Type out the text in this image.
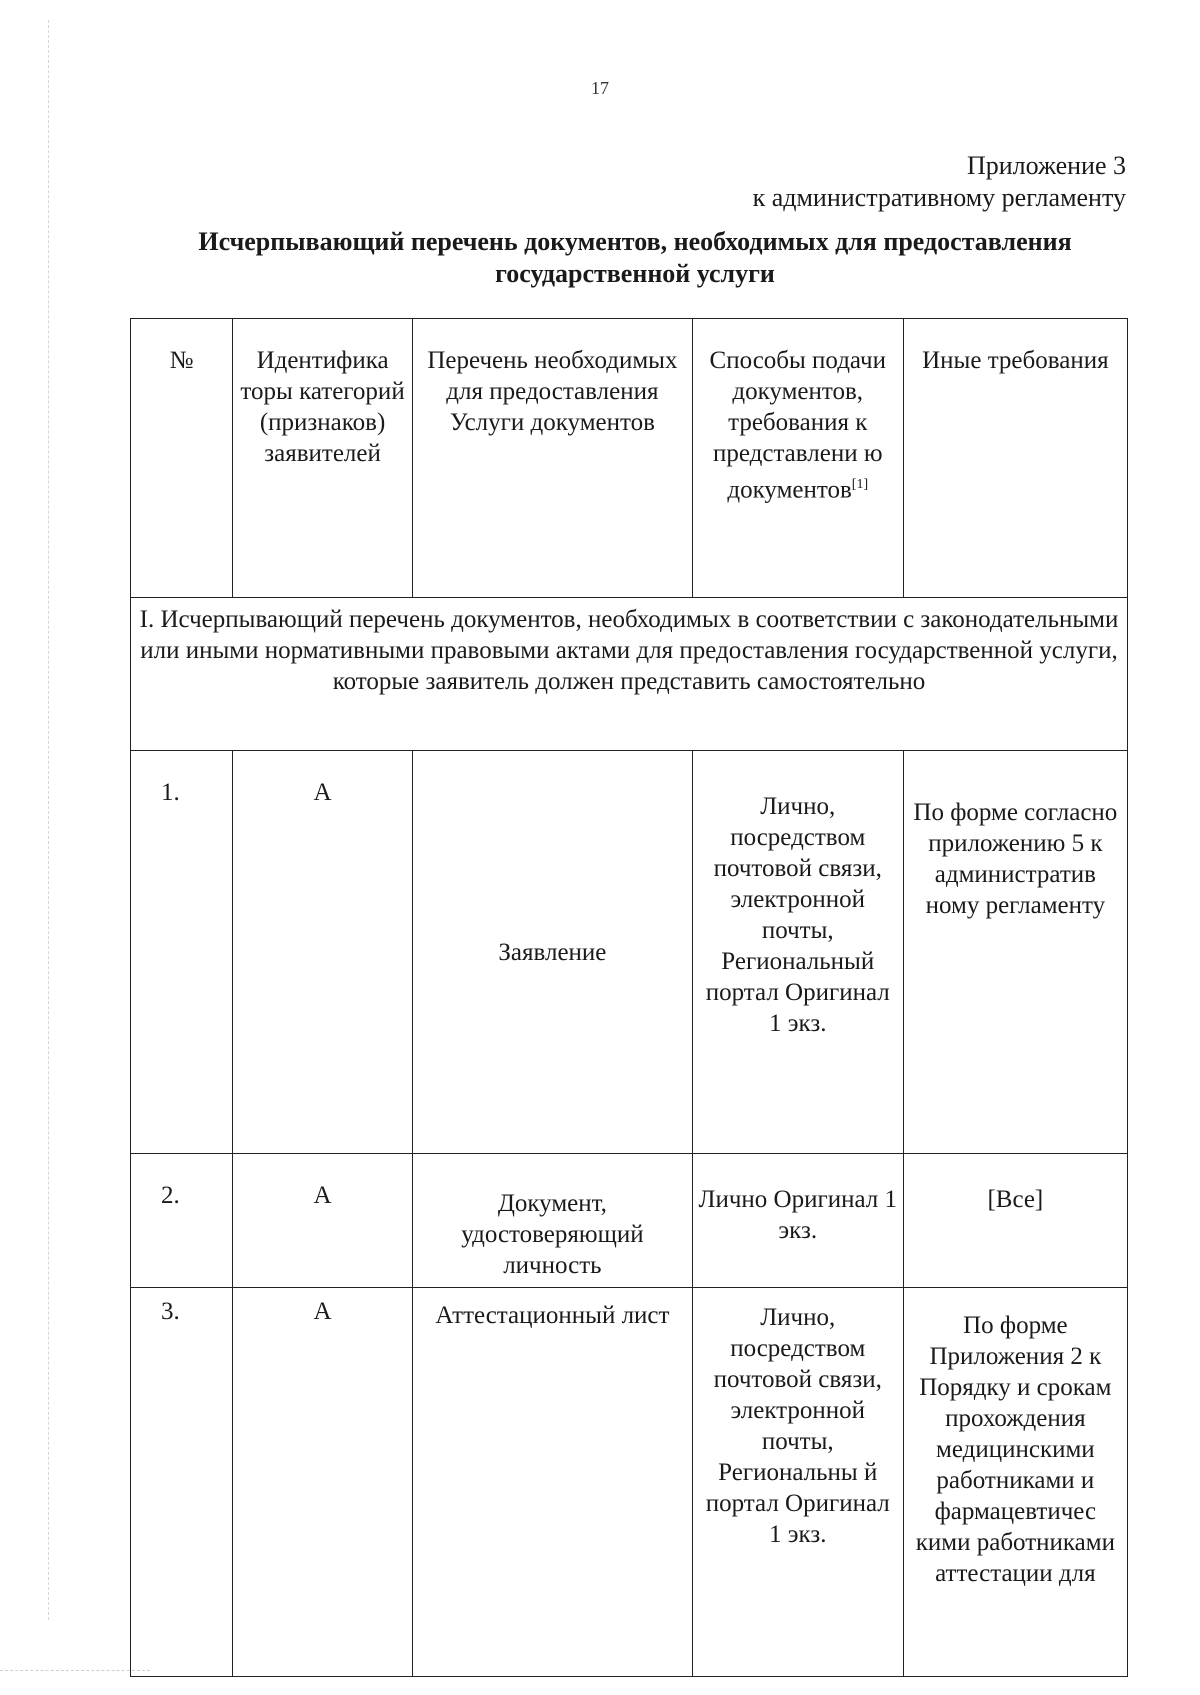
17
Приложение 3
к административному регламенту
Исчерпывающий перечень документов, необходимых для предоставления
государственной услуги
№	Идентифика торы категорий (признаков) заявителей	Перечень необходимых для предоставления Услуги документов	Способы подачи документов, требования к представлени ю документов[1]	Иные требования
I. Исчерпывающий перечень документов, необходимых в соответствии с законодательными или иными нормативными правовыми актами для предоставления государственной услуги, которые заявитель должен представить самостоятельно				
1.	А	Заявление	Лично, посредством почтовой связи, электронной почты, Региональный портал Оригинал 1 экз.	По форме согласно приложению 5 к административ ному регламенту
2.	А	Документ, удостоверяющий личность	Лично Оригинал 1 экз.	[Все]
3.	А	Аттестационный лист	Лично, посредством почтовой связи, электронной почты, Региональны й портал Оригинал 1 экз.	По форме Приложения 2 к Порядку и срокам прохождения медицинскими работниками и фармацевтичес кими работниками аттестации для
